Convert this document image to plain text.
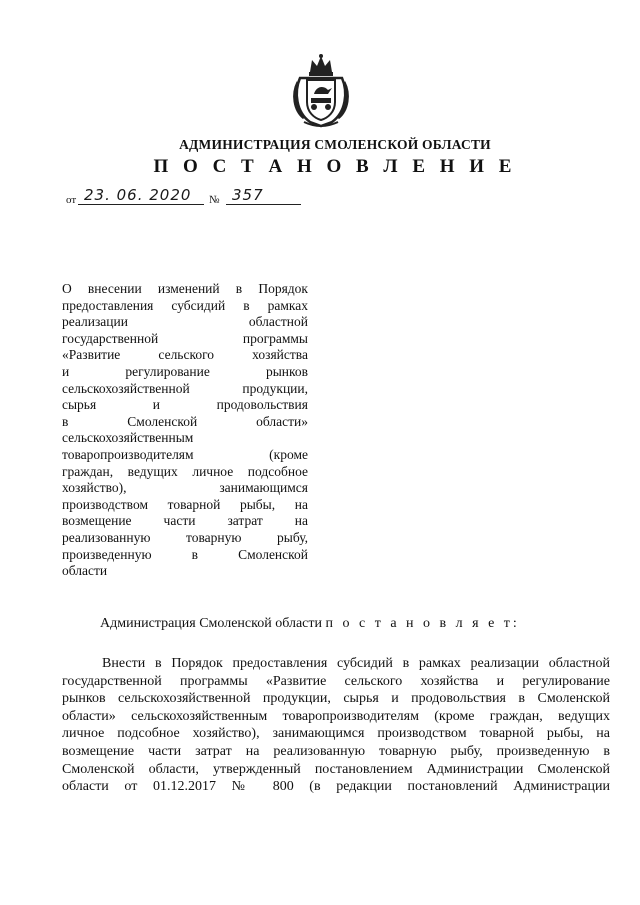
АДМИНИСТРАЦИЯ СМОЛЕНСКОЙ ОБЛАСТИ
П О С Т А Н О В Л Е Н И Е
от 23. 06. 2020 № 357
О внесении изменений в Порядок
предоставления субсидий в рамках
реализации областной
государственной программы
«Развитие сельского хозяйства
и регулирование рынков
сельскохозяйственной продукции,
сырья и продовольствия
в Смоленской области»
сельскохозяйственным
товаропроизводителям (кроме
граждан, ведущих личное подсобное
хозяйство), занимающимся
производством товарной рыбы, на
возмещение части затрат на
реализованную товарную рыбу,
произведенную в Смоленской
области
Администрация Смоленской области п о с т а н о в л я е т:
Внести в Порядок предоставления субсидий в рамках реализации областной
государственной программы «Развитие сельского хозяйства и регулирование
рынков сельскохозяйственной продукции, сырья и продовольствия в Смоленской
области» сельскохозяйственным товаропроизводителям (кроме граждан, ведущих
личное подсобное хозяйство), занимающимся производством товарной рыбы, на
возмещение части затрат на реализованную товарную рыбу, произведенную в
Смоленской области, утвержденный постановлением Администрации Смоленской
области от 01.12.2017 № 800 (в редакции постановлений Администрации
